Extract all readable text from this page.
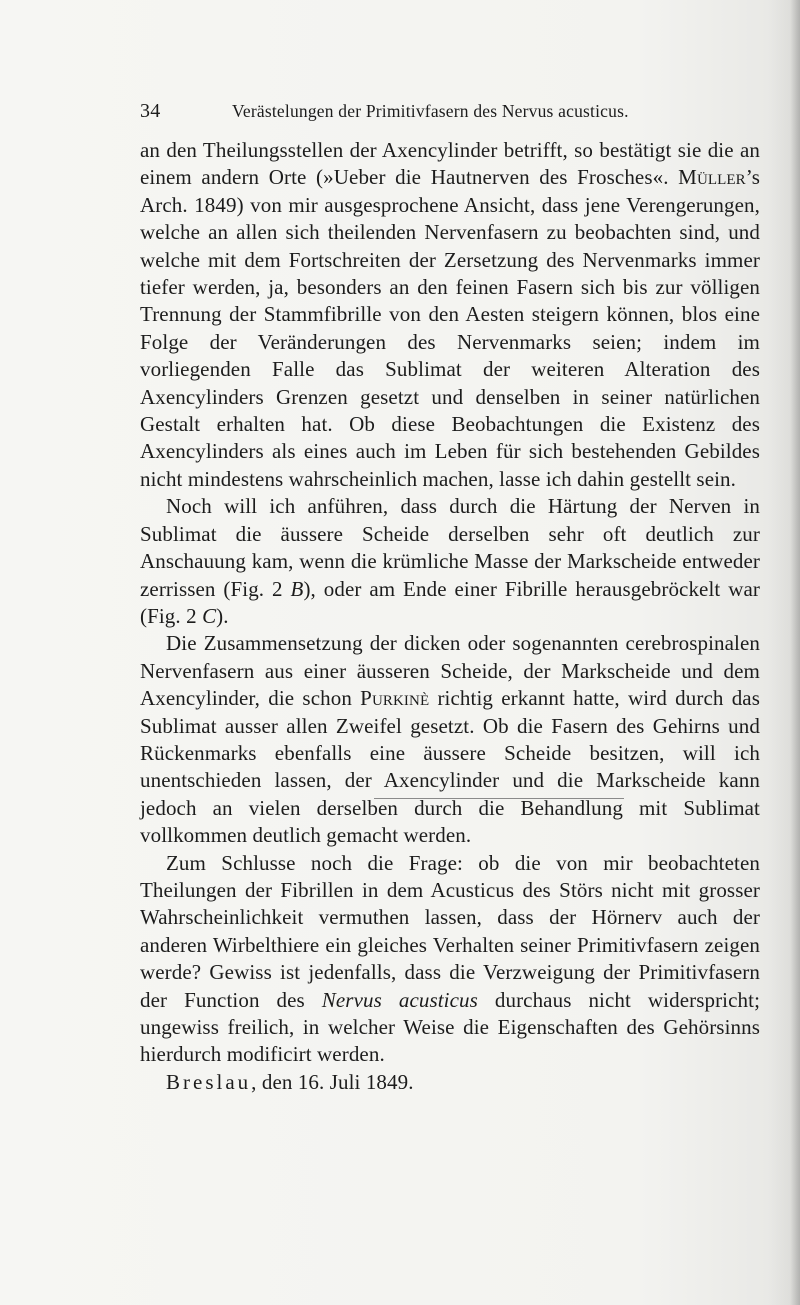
34	Verästelungen der Primitivfasern des Nervus acusticus.

an den Theilungsstellen der Axencylinder betrifft, so bestätigt sie die an einem andern Orte (»Ueber die Hautnerven des Frosches«. Müller’s Arch. 1849) von mir ausgesprochene Ansicht, dass jene Verengerungen, welche an allen sich theilenden Nervenfasern zu beobachten sind, und welche mit dem Fortschreiten der Zersetzung des Nervenmarks immer tiefer werden, ja, besonders an den feinen Fasern sich bis zur völligen Trennung der Stammfibrille von den Aesten steigern können, blos eine Folge der Veränderungen des Nervenmarks seien; indem im vorliegenden Falle das Sublimat der weiteren Alteration des Axencylinders Grenzen gesetzt und denselben in seiner natürlichen Gestalt erhalten hat. Ob diese Beobachtungen die Existenz des Axencylinders als eines auch im Leben für sich bestehenden Gebildes nicht mindestens wahrscheinlich machen, lasse ich dahin gestellt sein.

Noch will ich anführen, dass durch die Härtung der Nerven in Sublimat die äussere Scheide derselben sehr oft deutlich zur Anschauung kam, wenn die krümliche Masse der Markscheide entweder zerrissen (Fig. 2 B), oder am Ende einer Fibrille herausgebröckelt war (Fig. 2 C).

Die Zusammensetzung der dicken oder sogenannten cerebrospinalen Nervenfasern aus einer äusseren Scheide, der Markscheide und dem Axencylinder, die schon Purkinè richtig erkannt hatte, wird durch das Sublimat ausser allen Zweifel gesetzt. Ob die Fasern des Gehirns und Rückenmarks ebenfalls eine äussere Scheide besitzen, will ich unentschieden lassen, der Axencylinder und die Markscheide kann jedoch an vielen derselben durch die Behandlung mit Sublimat vollkommen deutlich gemacht werden.

Zum Schlusse noch die Frage: ob die von mir beobachteten Theilungen der Fibrillen in dem Acusticus des Störs nicht mit grosser Wahrscheinlichkeit vermuthen lassen, dass der Hörnerv auch der anderen Wirbelthiere ein gleiches Verhalten seiner Primitivfasern zeigen werde? Gewiss ist jedenfalls, dass die Verzweigung der Primitivfasern der Function des Nervus acusticus durchaus nicht widerspricht; ungewiss freilich, in welcher Weise die Eigenschaften des Gehörsinns hierdurch modificirt werden.

Breslau, den 16. Juli 1849.
